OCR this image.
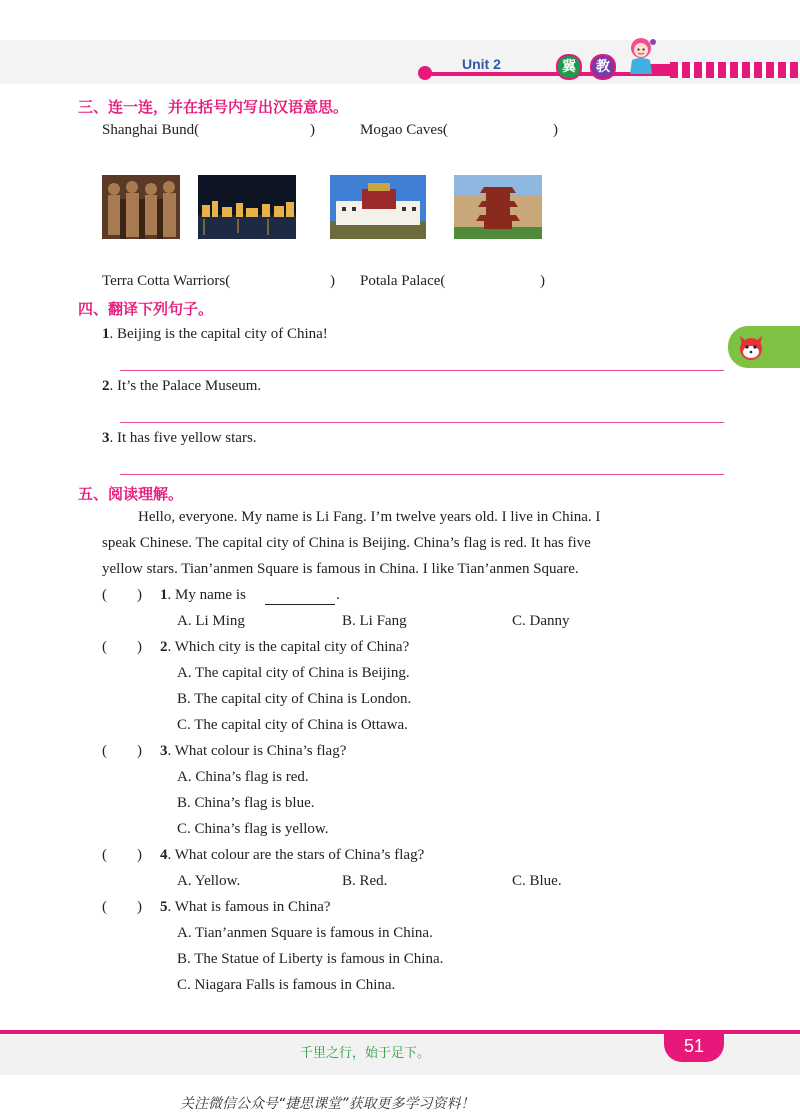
Unit 2	冀	教
三、连一连，并在括号内写出汉语意思。
Shanghai Bund(	)	Mogao Caves(	)
Terra Cotta Warriors(	) Potala Palace(	)
四、翻译下列句子。
1. Beijing is the capital city of China!
2. It’s the Palace Museum.
3. It has five yellow stars.
五、阅读理解。
Hello, everyone. My name is Li Fang. I’m twelve years old. I live in China. I
speak Chinese. The capital city of China is Beijing. China’s flag is red. It has five
yellow stars. Tian’anmen Square is famous in China. I like Tian’anmen Square.
(        ) 1. My name is	.
A. Li Ming	B. Li Fang	C. Danny
(        ) 2. Which city is the capital city of China?
A. The capital city of China is Beijing.
B. The capital city of China is London.
C. The capital city of China is Ottawa.
(        ) 3. What colour is China’s flag?
A. China’s flag is red.
B. China’s flag is blue.
C. China’s flag is yellow.
(        ) 4. What colour are the stars of China’s flag?
A. Yellow.	B. Red.	C. Blue.
(        ) 5. What is famous in China?
A. Tian’anmen Square is famous in China.
B. The Statue of Liberty is famous in China.
C. Niagara Falls is famous in China.
千里之行，始于足下。	51
关注微信公众号“捷思课堂”获取更多学习资料！
